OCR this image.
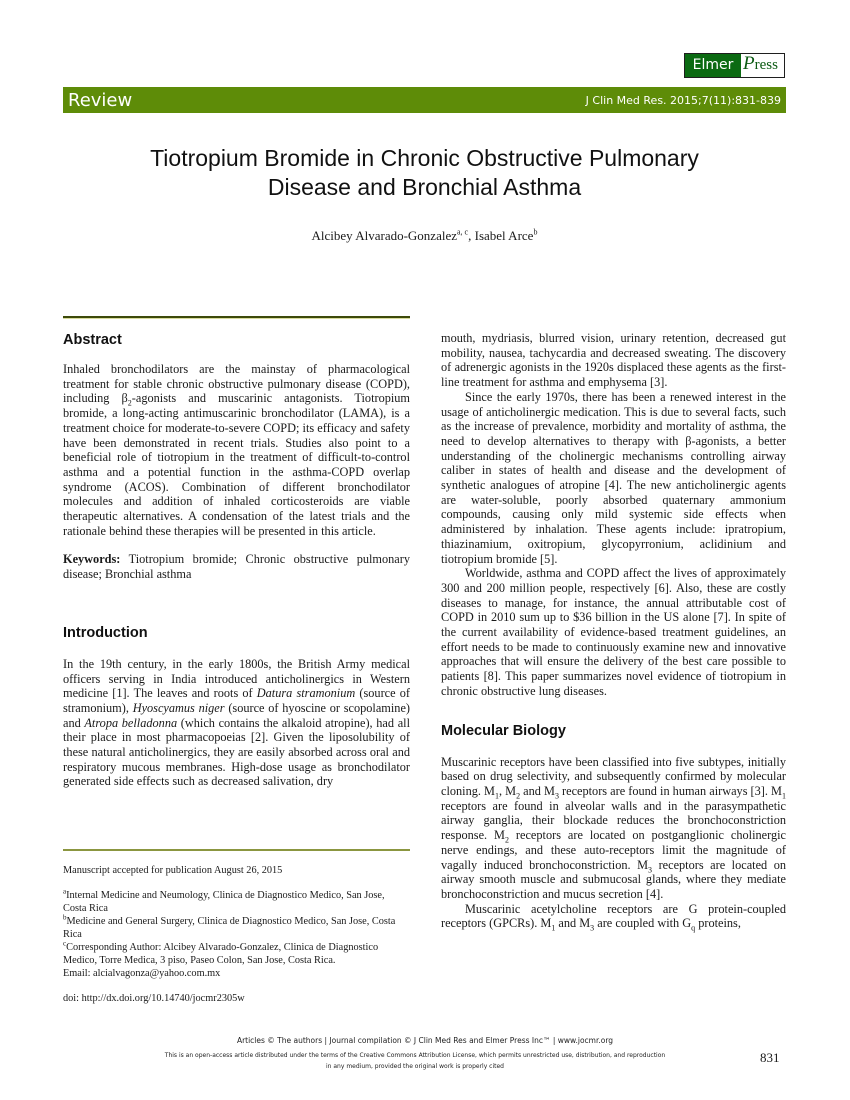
Elmer Press
Review	J Clin Med Res. 2015;7(11):831-839
Tiotropium Bromide in Chronic Obstructive Pulmonary
Disease and Bronchial Asthma
Alcibey Alvarado-Gonzalez$^{a, c}$, Isabel Arce$^b$
Abstract
Inhaled bronchodilators are the mainstay of pharmacological treatment for stable chronic obstructive pulmonary disease (COPD), including $\beta_2$-agonists and muscarinic antagonists. Tiotropium bromide, a long-acting antimuscarinic bronchodilator (LAMA), is a treatment choice for moderate-to-severe COPD; its efficacy and safety have been demonstrated in recent trials. Studies also point to a beneficial role of tiotropium in the treatment of difficult-to-control asthma and a potential function in the asthma-COPD overlap syndrome (ACOS). Combination of different bronchodilator molecules and addition of inhaled corticosteroids are viable therapeutic alternatives. A condensation of the latest trials and the rationale behind these therapies will be presented in this article.
Keywords: Tiotropium bromide; Chronic obstructive pulmonary disease; Bronchial asthma
Introduction
In the 19th century, in the early 1800s, the British Army medical officers serving in India introduced anticholinergics in Western medicine [1]. The leaves and roots of Datura stramonium (source of stramonium), Hyoscyamus niger (source of hyoscine or scopolamine) and Atropa belladonna (which contains the alkaloid atropine), had all their place in most pharmacopoeias [2]. Given the liposolubility of these natural anticholinergics, they are easily absorbed across oral and respiratory mucous membranes. High-dose usage as bronchodilator generated side effects such as decreased salivation, dry
Manuscript accepted for publication August 26, 2015
$^a$Internal Medicine and Neumology, Clinica de Diagnostico Medico, San Jose, Costa Rica
$^b$Medicine and General Surgery, Clinica de Diagnostico Medico, San Jose, Costa Rica
$^c$Corresponding Author: Alcibey Alvarado-Gonzalez, Clinica de Diagnostico Medico, Torre Medica, 3 piso, Paseo Colon, San Jose, Costa Rica.
Email: alcialvagonza@yahoo.com.mx
doi: http://dx.doi.org/10.14740/jocmr2305w
mouth, mydriasis, blurred vision, urinary retention, decreased gut mobility, nausea, tachycardia and decreased sweating. The discovery of adrenergic agonists in the 1920s displaced these agents as the first-line treatment for asthma and emphysema [3].
Since the early 1970s, there has been a renewed interest in the usage of anticholinergic medication. This is due to several facts, such as the increase of prevalence, morbidity and mortality of asthma, the need to develop alternatives to therapy with β-agonists, a better understanding of the cholinergic mechanisms controlling airway caliber in states of health and disease and the development of synthetic analogues of atropine [4]. The new anticholinergic agents are water-soluble, poorly absorbed quaternary ammonium compounds, causing only mild systemic side effects when administered by inhalation. These agents include: ipratropium, thiazinamium, oxitropium, glycopyrronium, aclidinium and tiotropium bromide [5].
Worldwide, asthma and COPD affect the lives of approximately 300 and 200 million people, respectively [6]. Also, these are costly diseases to manage, for instance, the annual attributable cost of COPD in 2010 sum up to $36 billion in the US alone [7]. In spite of the current availability of evidence-based treatment guidelines, an effort needs to be made to continuously examine new and innovative approaches that will ensure the delivery of the best care possible to patients [8]. This paper summarizes novel evidence of tiotropium in chronic obstructive lung diseases.
Molecular Biology
Muscarinic receptors have been classified into five subtypes, initially based on drug selectivity, and subsequently confirmed by molecular cloning. $M_1$, $M_2$ and $M_3$ receptors are found in human airways [3]. $M_1$ receptors are found in alveolar walls and in the parasympathetic airway ganglia, their blockade reduces the bronchoconstriction response. $M_2$ receptors are located on postganglionic cholinergic nerve endings, and these auto-receptors limit the magnitude of vagally induced bronchoconstriction. $M_3$ receptors are located on airway smooth muscle and submucosal glands, where they mediate bronchoconstriction and mucus secretion [4].
Muscarinic acetylcholine receptors are G protein-coupled receptors (GPCRs). $M_1$ and $M_3$ are coupled with $G_q$ proteins,
Articles © The authors | Journal compilation © J Clin Med Res and Elmer Press Inc™ | www.jocmr.org
This is an open-access article distributed under the terms of the Creative Commons Attribution License, which permits unrestricted use, distribution, and reproduction
in any medium, provided the original work is properly cited
831
